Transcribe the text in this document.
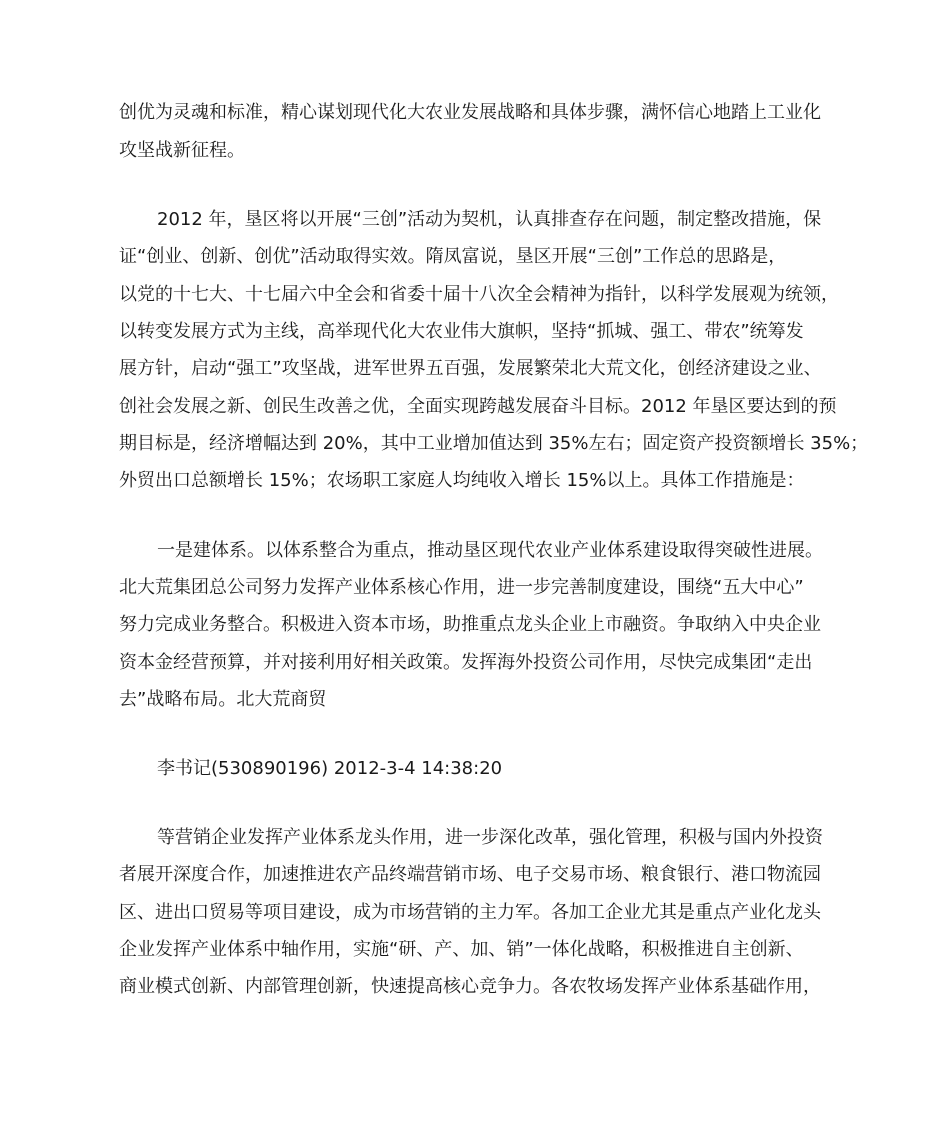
创优为灵魂和标准，精心谋划现代化大农业发展战略和具体步骤，满怀信心地踏上工业化
攻坚战新征程。
2012 年，垦区将以开展“三创”活动为契机，认真排查存在问题，制定整改措施，保
证“创业、创新、创优”活动取得实效。隋凤富说，垦区开展“三创”工作总的思路是，
以党的十七大、十七届六中全会和省委十届十八次全会精神为指针，以科学发展观为统领，
以转变发展方式为主线，高举现代化大农业伟大旗帜，坚持“抓城、强工、带农”统筹发
展方针，启动“强工”攻坚战，进军世界五百强，发展繁荣北大荒文化，创经济建设之业、
创社会发展之新、创民生改善之优，全面实现跨越发展奋斗目标。2012 年垦区要达到的预
期目标是，经济增幅达到 20%，其中工业增加值达到 35%左右；固定资产投资额增长 35%；
外贸出口总额增长 15%；农场职工家庭人均纯收入增长 15%以上。具体工作措施是：
一是建体系。以体系整合为重点，推动垦区现代农业产业体系建设取得突破性进展。
北大荒集团总公司努力发挥产业体系核心作用，进一步完善制度建设，围绕“五大中心”
努力完成业务整合。积极进入资本市场，助推重点龙头企业上市融资。争取纳入中央企业
资本金经营预算，并对接利用好相关政策。发挥海外投资公司作用，尽快完成集团“走出
去”战略布局。北大荒商贸
李书记(530890196) 2012-3-4 14:38:20
等营销企业发挥产业体系龙头作用，进一步深化改革，强化管理，积极与国内外投资
者展开深度合作，加速推进农产品终端营销市场、电子交易市场、粮食银行、港口物流园
区、进出口贸易等项目建设，成为市场营销的主力军。各加工企业尤其是重点产业化龙头
企业发挥产业体系中轴作用，实施“研、产、加、销”一体化战略，积极推进自主创新、
商业模式创新、内部管理创新，快速提高核心竞争力。各农牧场发挥产业体系基础作用，
